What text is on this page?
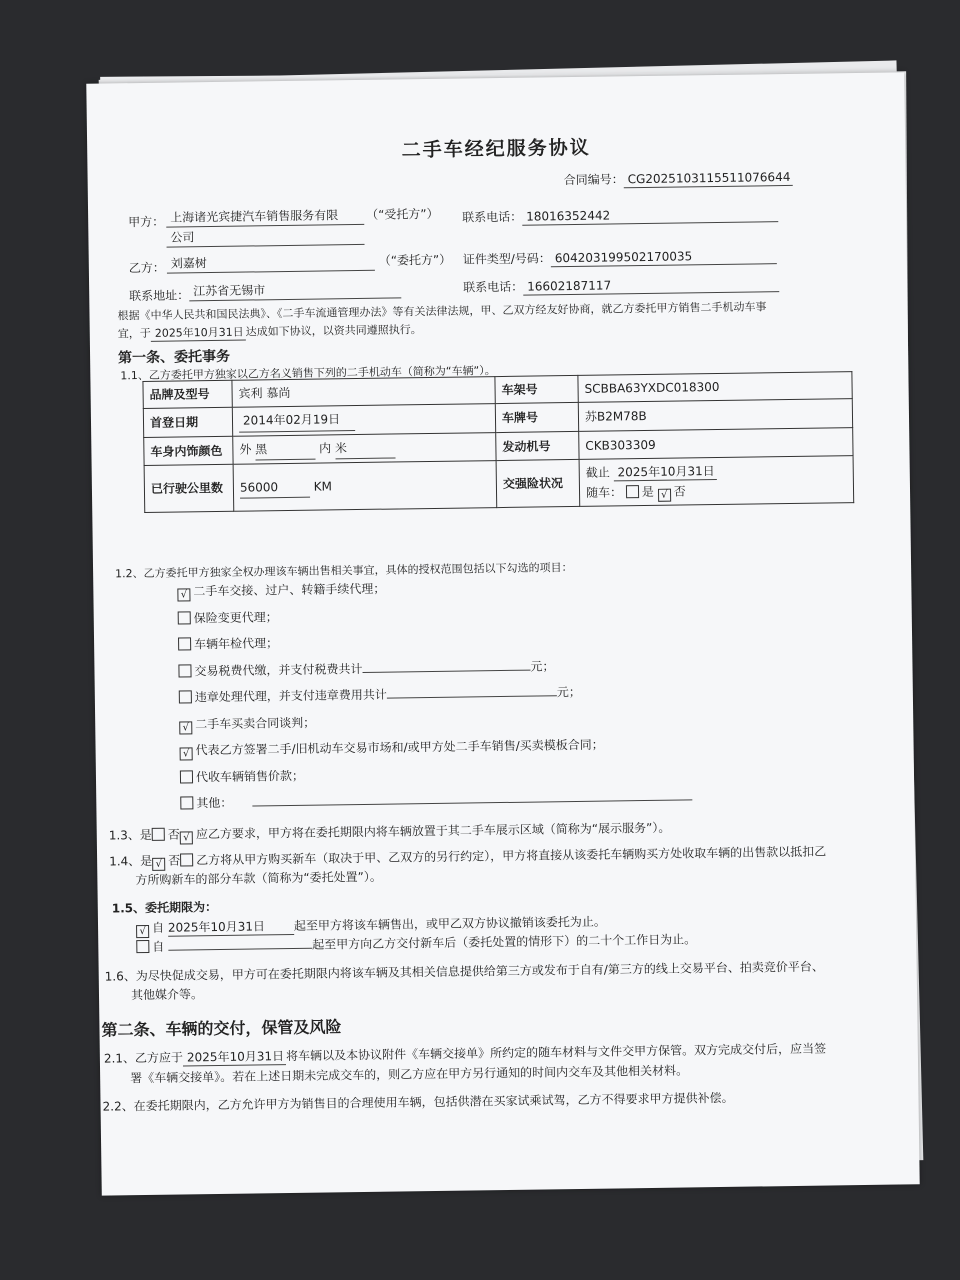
二手车经纪服务协议
合同编号： CG2025103115511076644
甲方： 上海诸光宾捷汽车销售服务有限
公司
（“受托方”） 联系电话： 18016352442
乙方： 刘嘉树	（“委托方”） 证件类型/号码： 604203199502170035
联系地址： 江苏省无锡市	联系电话： 16602187117
根据《中华人民共和国民法典》、《二手车流通管理办法》等有关法律法规，甲、乙双方经友好协商，就乙方委托甲方销售二手机动车事
宜，于 2025年10月31日 达成如下协议，以资共同遵照执行。
第一条、委托事务
1.1、乙方委托甲方独家以乙方名义销售下列的二手机动车（简称为“车辆”）。
品牌及型号	宾利 慕尚	车架号	SCBBA63YXDC018300
首登日期	2014年02月19日	车牌号	苏B2M78B
车身内饰颜色	外 黑 内 米	发动机号	CKB303309
已行驶公里数	56000 KM	交强险状况	截止 2025年10月31日
随车： 是 √ 否
1.2、乙方委托甲方独家全权办理该车辆出售相关事宜，具体的授权范围包括以下勾选的项目：
√ 二手车交接、过户、转籍手续代理；
保险变更代理；
车辆年检代理；
交易税费代缴，并支付税费共计	元；
违章处理代理，并支付违章费用共计	元；
√ 二手车买卖合同谈判；
√ 代表乙方签署二手/旧机动车交易市场和/或甲方处二手车销售/买卖模板合同；
代收车辆销售价款；
其他：
1.3、是 否 √ 应乙方要求，甲方将在委托期限内将车辆放置于其二手车展示区域（简称为“展示服务”）。
1.4、是 √ 否 乙方将从甲方购买新车（取决于甲、乙双方的另行约定），甲方将直接从该委托车辆购买方处收取车辆的出售款以抵扣乙
方所购新车的部分车款（简称为“委托处置”）。
1.5、委托期限为：
√ 自 2025年10月31日 起至甲方将该车辆售出，或甲乙双方协议撤销该委托为止。
自	起至甲方向乙方交付新车后（委托处置的情形下）的二十个工作日为止。
1.6、为尽快促成交易，甲方可在委托期限内将该车辆及其相关信息提供给第三方或发布于自有/第三方的线上交易平台、拍卖竞价平台、
其他媒介等。
第二条、车辆的交付，保管及风险
2.1、乙方应于 2025年10月31日 将车辆以及本协议附件《车辆交接单》所约定的随车材料与文件交甲方保管。双方完成交付后，应当签
署《车辆交接单》。若在上述日期未完成交车的，则乙方应在甲方另行通知的时间内交车及其他相关材料。
2.2、在委托期限内，乙方允许甲方为销售目的合理使用车辆，包括供潜在买家试乘试驾，乙方不得要求甲方提供补偿。
